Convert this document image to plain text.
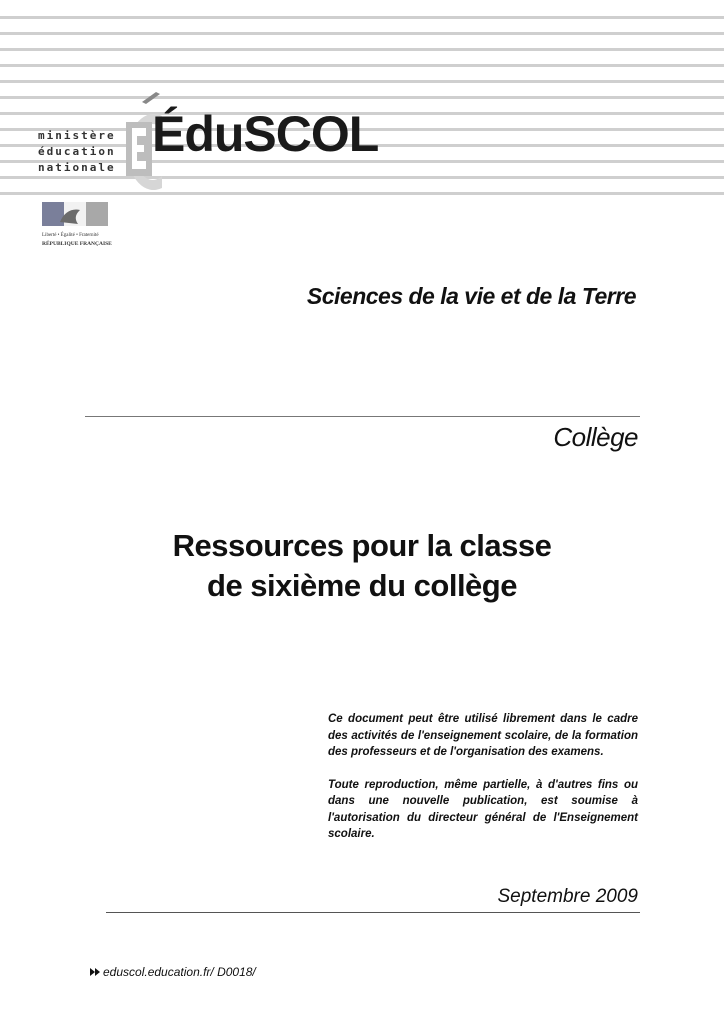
ministère
éducation
nationale
ÉduSCOL
Liberté • Égalité • Fraternité
RÉPUBLIQUE FRANÇAISE
Sciences de la vie et de la Terre
Collège
Ressources pour la classe
de sixième du collège

Ce document peut être utilisé librement dans le cadre des activités de l'enseignement scolaire, de la formation des professeurs et de l'organisation des examens.

Toute reproduction, même partielle, à d'autres fins ou dans une nouvelle publication, est soumise à l'autorisation du directeur général de l'Enseignement scolaire.

Septembre 2009
eduscol.education.fr/ D0018/
